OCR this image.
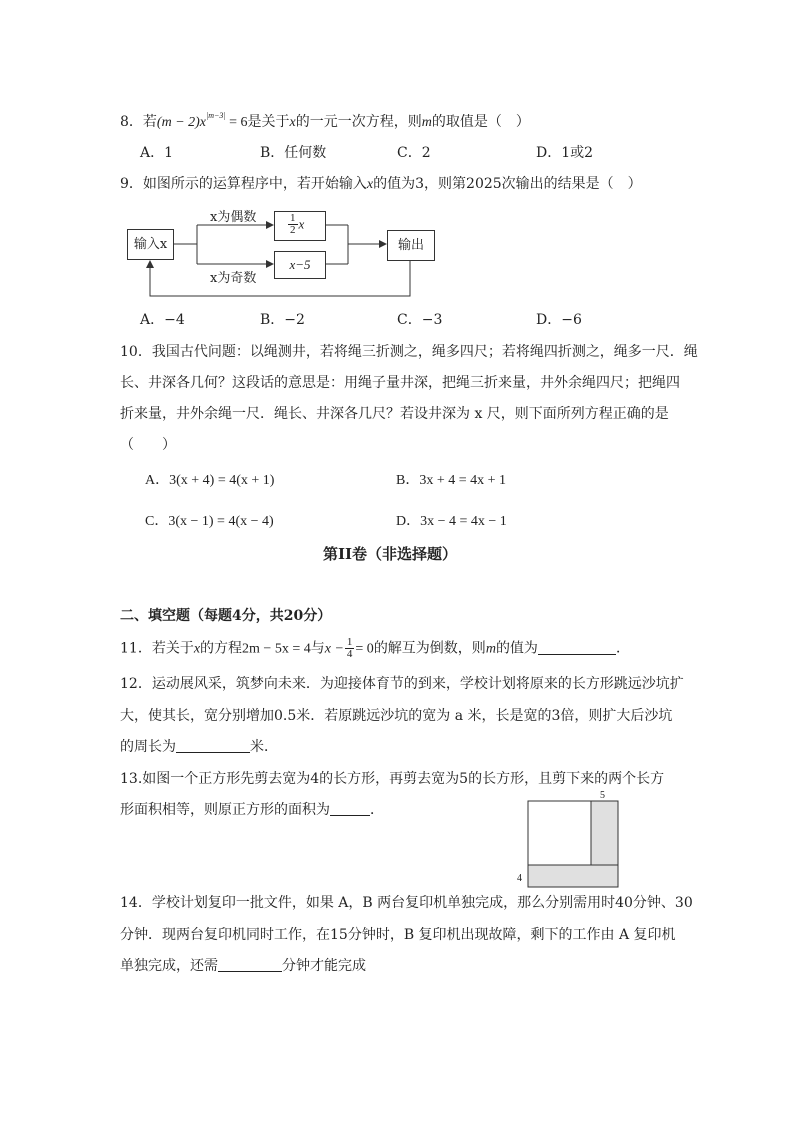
8．若$(m - 2)x^{|m-3|} = 6$是关于x的一元一次方程，则m的取值是（　）
A．1	B．任何数	C．2	D．1或2
9．如图所示的运算程序中，若开始输入x的值为3，则第2025次输出的结果是（　）
输入x
x为偶数
x为奇数
$\frac{1}{2}$ x
x−5
输出
A．−4	B．−2	C．−3	D．−6
10．我国古代问题：以绳测井，若将绳三折测之，绳多四尺；若将绳四折测之，绳多一尺．绳
长、井深各几何？这段话的意思是：用绳子量井深，把绳三折来量，井外余绳四尺；把绳四
折来量，井外余绳一尺．绳长、井深各几尺？若设井深为 x 尺，则下面所列方程正确的是
（　　）
A．3(x + 4) = 4(x + 1)	B．3x + 4 = 4x + 1
C．3(x − 1) = 4(x − 4)	D．3x − 4 = 4x − 1
第II卷（非选择题）
二、填空题（每题4分，共20分）
11．若关于x的方程2m − 5x = 4与$x - \frac{1}{4} = 0$的解互为倒数，则m的值为	．
12．运动展风采，筑梦向未来．为迎接体育节的到来，学校计划将原来的长方形跳远沙坑扩
大，使其长，宽分别增加0.5米．若原跳远沙坑的宽为 a 米，长是宽的3倍，则扩大后沙坑
的周长为	米．
13.如图一个正方形先剪去宽为4的长方形，再剪去宽为5的长方形，且剪下来的两个长方
形面积相等，则原正方形的面积为	．
5
4
14．学校计划复印一批文件，如果 A，B 两台复印机单独完成，那么分别需用时40分钟、30
分钟．现两台复印机同时工作，在15分钟时，B 复印机出现故障，剩下的工作由 A 复印机
单独完成，还需	分钟才能完成
